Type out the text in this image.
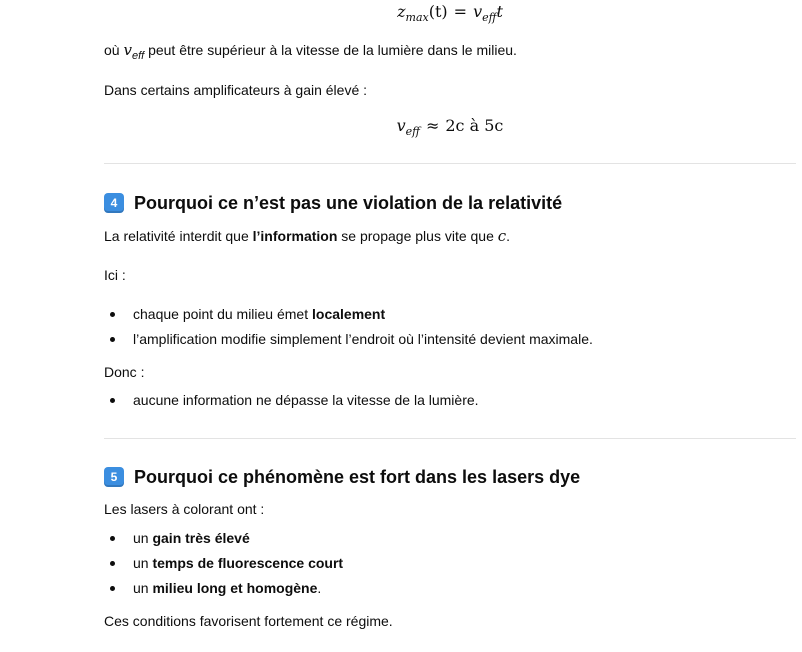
$z_{max}(t) = v_{eff}t$
où $v_{eff}$ peut être supérieur à la vitesse de la lumière dans le milieu.
Dans certains amplificateurs à gain élevé :
$v_{eff} \approx 2c$ à 5c
4 Pourquoi ce n’est pas une violation de la relativité
La relativité interdit que l’information se propage plus vite que c.
Ici :
chaque point du milieu émet localement
l’amplification modifie simplement l’endroit où l’intensité devient maximale.
Donc :
aucune information ne dépasse la vitesse de la lumière.
5 Pourquoi ce phénomène est fort dans les lasers dye
Les lasers à colorant ont :
un gain très élevé
un temps de fluorescence court
un milieu long et homogène.
Ces conditions favorisent fortement ce régime.
